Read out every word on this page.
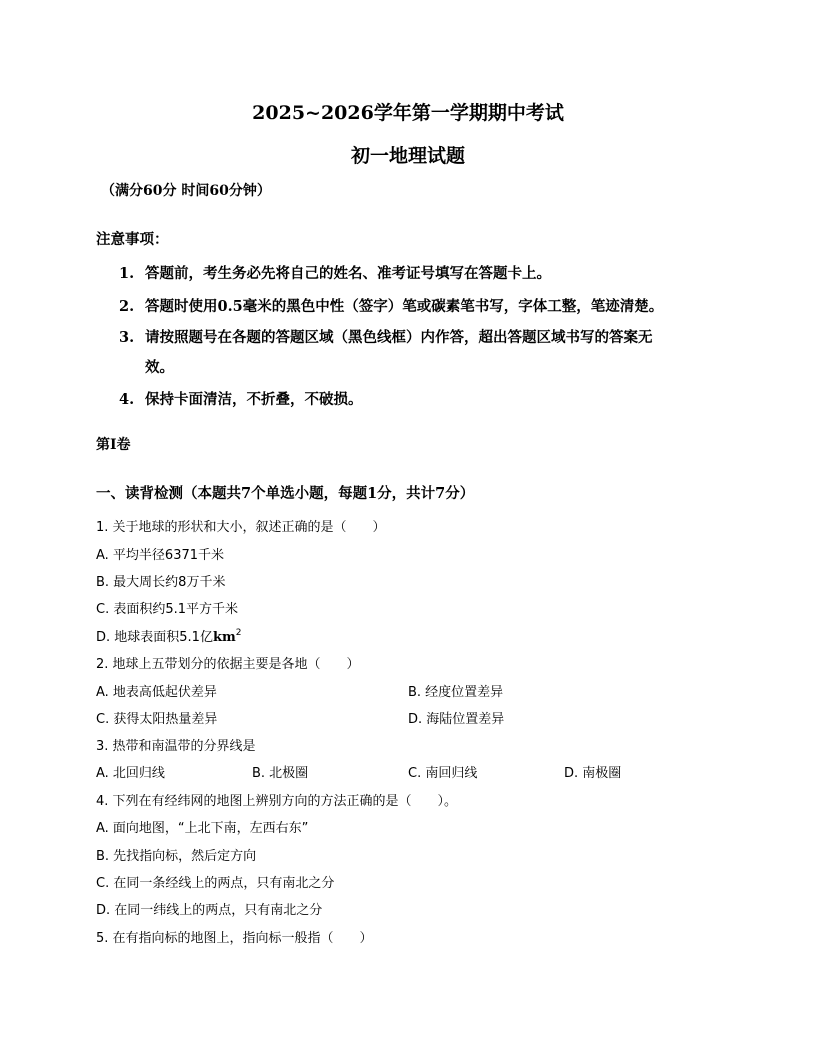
2025~2026学年第一学期期中考试
初一地理试题
（满分60分 时间60分钟）
注意事项：
1. 答题前，考生务必先将自己的姓名、准考证号填写在答题卡上。
2. 答题时使用0.5毫米的黑色中性（签字）笔或碳素笔书写，字体工整，笔迹清楚。
3. 请按照题号在各题的答题区域（黑色线框）内作答，超出答题区域书写的答案无
效。
4. 保持卡面清洁，不折叠，不破损。
第I卷
一、读背检测（本题共7个单选小题，每题1分，共计7分）
1. 关于地球的形状和大小，叙述正确的是（　　）
A. 平均半径6371千米
B. 最大周长约8万千米
C. 表面积约5.1平方千米
D. 地球表面积5.1亿$km^2$
2. 地球上五带划分的依据主要是各地（　　）
A. 地表高低起伏差异	B. 经度位置差异
C. 获得太阳热量差异	D. 海陆位置差异
3. 热带和南温带的分界线是
A. 北回归线	B. 北极圈	C. 南回归线	D. 南极圈
4. 下列在有经纬网的地图上辨别方向的方法正确的是（　　）。
A. 面向地图，“上北下南，左西右东”
B. 先找指向标，然后定方向
C. 在同一条经线上的两点，只有南北之分
D. 在同一纬线上的两点，只有南北之分
5. 在有指向标的地图上，指向标一般指（　　）
